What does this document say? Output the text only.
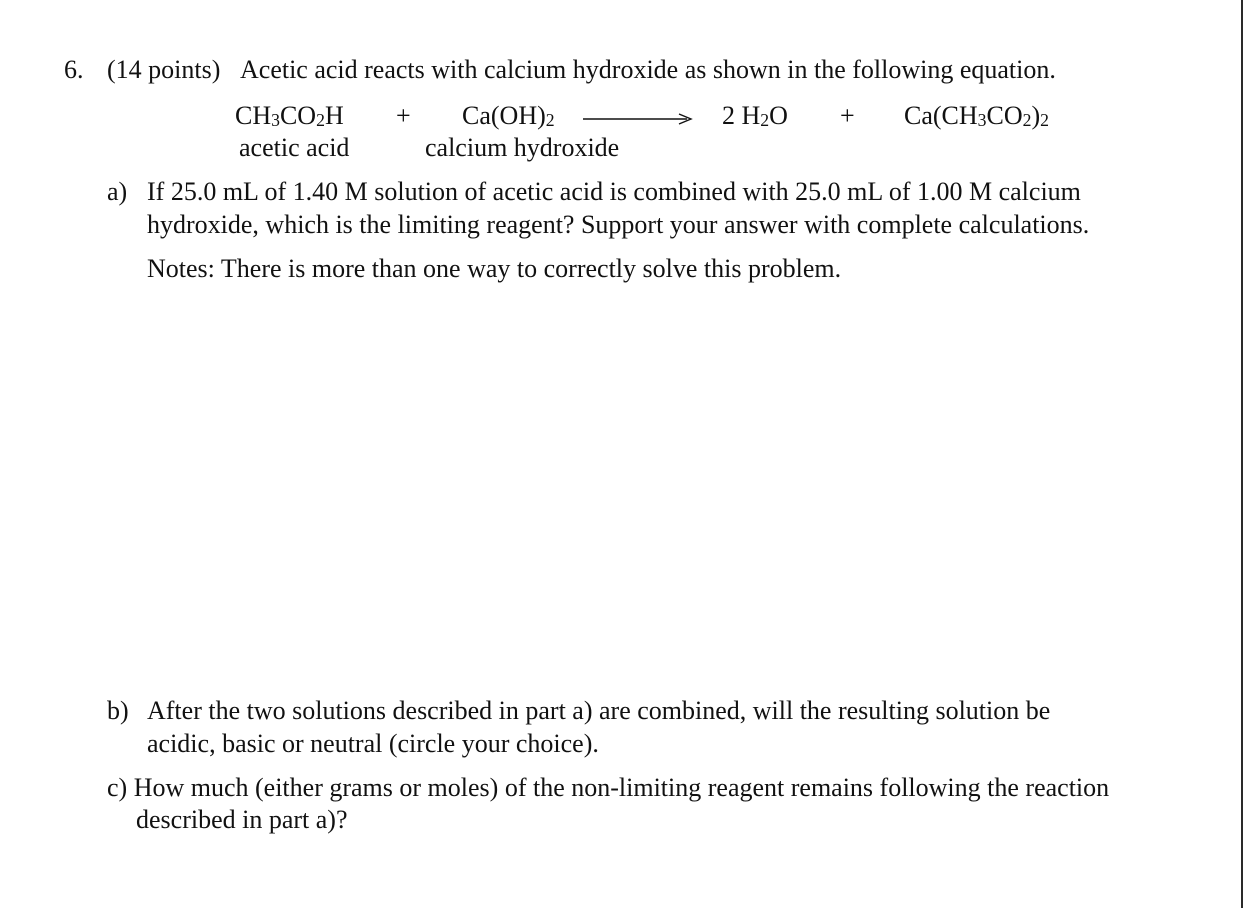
6. (14 points) Acetic acid reacts with calcium hydroxide as shown in the following equation.
$CH_3CO_2H + Ca(OH)_2$	2 $H_2O + Ca(CH_3CO_2)_2$
acetic acid	calcium hydroxide
a) If 25.0 mL of 1.40 M solution of acetic acid is combined with 25.0 mL of 1.00 M calcium
hydroxide, which is the limiting reagent? Support your answer with complete calculations.
Notes: There is more than one way to correctly solve this problem.
b) After the two solutions described in part a) are combined, will the resulting solution be
acidic, basic or neutral (circle your choice).
c) How much (either grams or moles) of the non-limiting reagent remains following the reaction
described in part a)?
